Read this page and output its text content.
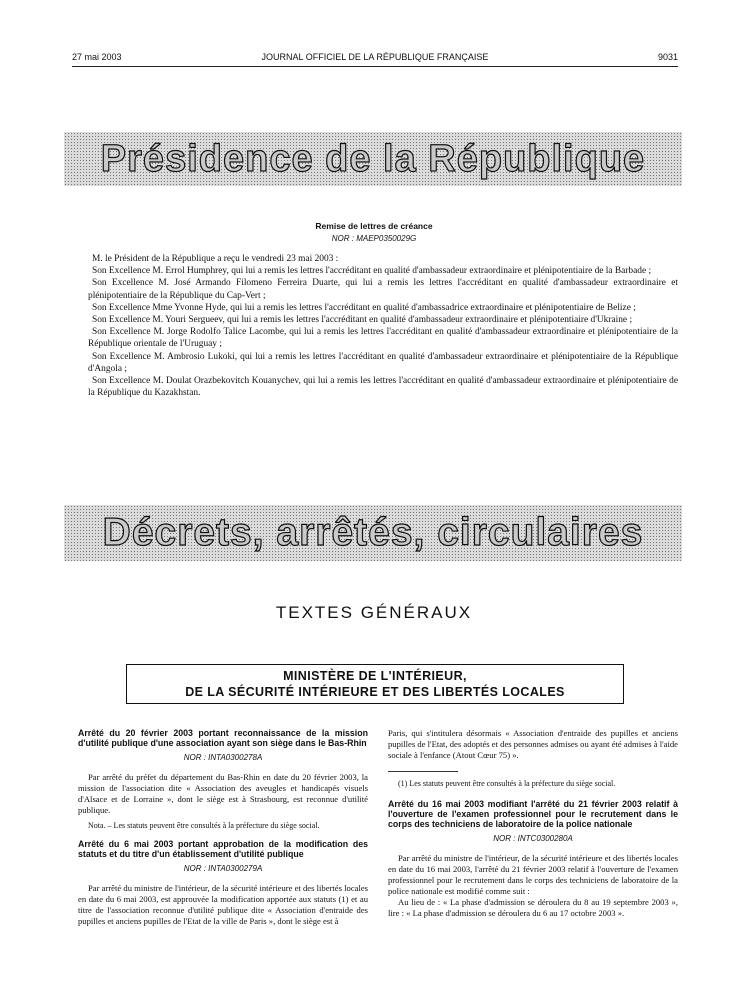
27 mai 2003	JOURNAL OFFICIEL DE LA RÉPUBLIQUE FRANÇAISE	9031
Présidence de la République
Remise de lettres de créance
NOR : MAEP0350029G

M. le Président de la République a reçu le vendredi 23 mai 2003 :

Son Excellence M. Errol Humphrey, qui lui a remis les lettres l'accréditant en qualité d'ambassadeur extraordinaire et plénipotentiaire de la Barbade ;

Son Excellence M. José Armando Filomeno Ferreira Duarte, qui lui a remis les lettres l'accréditant en qualité d'ambassadeur extraordinaire et plénipotentiaire de la République du Cap-Vert ;

Son Excellence Mme Yvonne Hyde, qui lui a remis les lettres l'accréditant en qualité d'ambassadrice extraordinaire et plénipotentiaire de Belize ;

Son Excellence M. Youri Sergueev, qui lui a remis les lettres l'accréditant en qualité d'ambassadeur extraordinaire et plénipotentiaire d'Ukraine ;

Son Excellence M. Jorge Rodolfo Talice Lacombe, qui lui a remis les lettres l'accréditant en qualité d'ambassadeur extraordinaire et plénipotentiaire de la République orientale de l'Uruguay ;

Son Excellence M. Ambrosio Lukoki, qui lui a remis les lettres l'accréditant en qualité d'ambassadeur extraordinaire et plénipotentiaire de la République d'Angola ;

Son Excellence M. Doulat Orazbekovitch Kouanychev, qui lui a remis les lettres l'accréditant en qualité d'ambassadeur extraordinaire et plénipotentiaire de la République du Kazakhstan.

Décrets, arrêtés, circulaires
TEXTES GÉNÉRAUX
MINISTÈRE DE L'INTÉRIEUR,
DE LA SÉCURITÉ INTÉRIEURE ET DES LIBERTÉS LOCALES
Arrêté du 20 février 2003 portant reconnaissance de la mission d'utilité publique d'une association ayant son siège dans le Bas-Rhin
NOR : INTA0300278A

Par arrêté du préfet du département du Bas-Rhin en date du 20 février 2003, la mission de l'association dite « Association des aveugles et handicapés visuels d'Alsace et de Lorraine », dont le siège est à Strasbourg, est reconnue d'utilité publique.

Nota. – Les statuts peuvent être consultés à la préfecture du siège social.

Arrêté du 6 mai 2003 portant approbation de la modification des statuts et du titre d'un établissement d'utilité publique
NOR : INTA0300279A

Par arrêté du ministre de l'intérieur, de la sécurité intérieure et des libertés locales en date du 6 mai 2003, est approuvée la modification apportée aux statuts (1) et au titre de l'association reconnue d'utilité publique dite « Association d'entraide des pupilles et anciens pupilles de l'Etat de la ville de Paris », dont le siège est à

Paris, qui s'intitulera désormais « Association d'entraide des pupilles et anciens pupilles de l'Etat, des adoptés et des personnes admises ou ayant été admises à l'aide sociale à l'enfance (Atout Cœur 75) ».

(1) Les statuts peuvent être consultés à la préfecture du siège social.

Arrêté du 16 mai 2003 modifiant l'arrêté du 21 février 2003 relatif à l'ouverture de l'examen professionnel pour le recrutement dans le corps des techniciens de laboratoire de la police nationale
NOR : INTC0300280A

Par arrêté du ministre de l'intérieur, de la sécurité intérieure et des libertés locales en date du 16 mai 2003, l'arrêté du 21 février 2003 relatif à l'ouverture de l'examen professionnel pour le recrutement dans le corps des techniciens de laboratoire de la police nationale est modifié comme suit :

Au lieu de : « La phase d'admission se déroulera du 8 au 19 septembre 2003 », lire : « La phase d'admission se déroulera du 6 au 17 octobre 2003 ».
